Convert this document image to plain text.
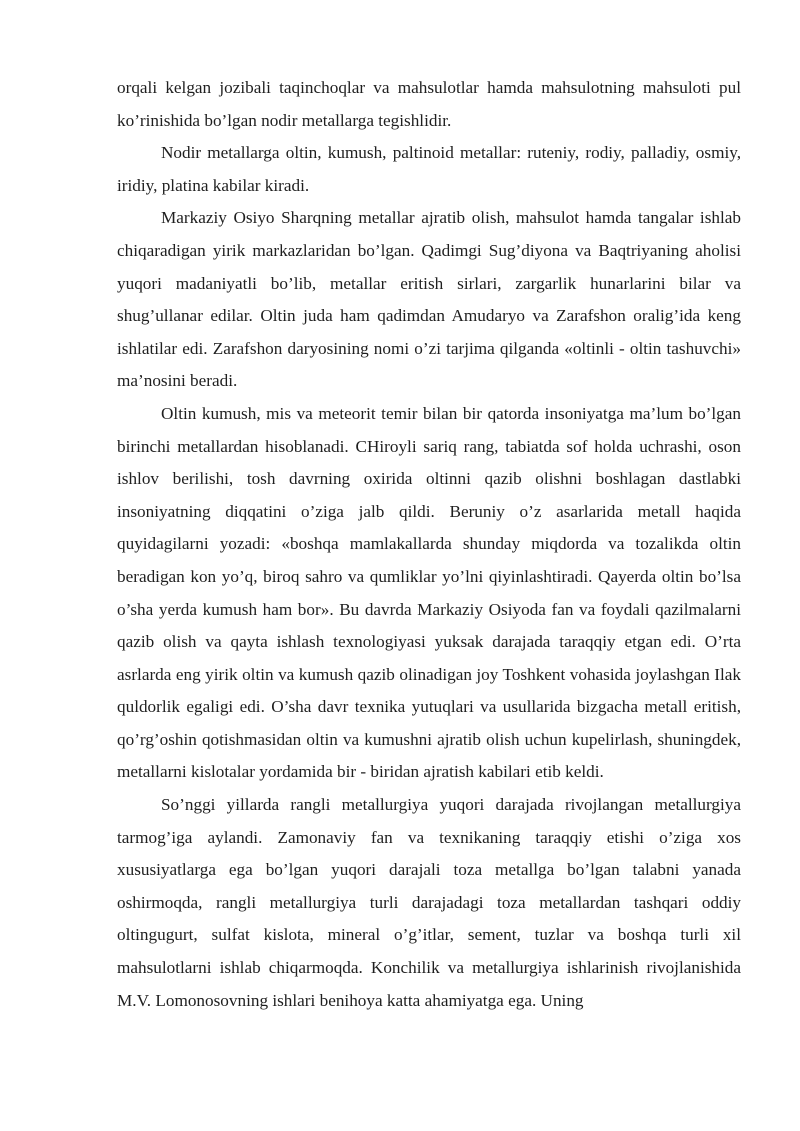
orqali kelgan jozibali taqinchoqlar va mahsulotlar hamda mahsulotning mahsuloti pul ko’rinishida bo’lgan nodir metallarga tegishlidir.

Nodir metallarga oltin, kumush, paltinoid metallar: ruteniy, rodiy, palladiy, osmiy, iridiy, platina kabilar kiradi.

Markaziy Osiyo Sharqning metallar ajratib olish, mahsulot hamda tangalar ishlab chiqaradigan yirik markazlaridan bo’lgan. Qadimgi Sug’diyona va Baqtriyaning aholisi yuqori madaniyatli bo’lib, metallar eritish sirlari, zargarlik hunarlarini bilar va shug’ullanar edilar. Oltin juda ham qadimdan Amudaryo va Zarafshon oralig’ida keng ishlatilar edi. Zarafshon daryosining nomi o’zi tarjima qilganda «oltinli - oltin tashuvchi» ma’nosini beradi.

Oltin kumush, mis va meteorit temir bilan bir qatorda insoniyatga ma’lum bo’lgan birinchi metallardan hisoblanadi. CHiroyli sariq rang, tabiatda sof holda uchrashi, oson ishlov berilishi, tosh davrning oxirida oltinni qazib olishni boshlagan dastlabki insoniyatning diqqatini o’ziga jalb qildi. Beruniy o’z asarlarida metall haqida quyidagilarni yozadi: «boshqa mamlakallarda shunday miqdorda va tozalikda oltin beradigan kon yo’q, biroq sahro va qumliklar yo’lni qiyinlashtiradi. Qayerda oltin bo’lsa o’sha yerda kumush ham bor». Bu davrda Markaziy Osiyoda fan va foydali qazilmalarni qazib olish va qayta ishlash texnologiyasi yuksak darajada taraqqiy etgan edi. O’rta asrlarda eng yirik oltin va kumush qazib olinadigan joy Toshkent vohasida joylashgan Ilak quldorlik egaligi edi. O’sha davr texnika yutuqlari va usullarida bizgacha metall eritish, qo’rg’oshin qotishmasidan oltin va kumushni ajratib olish uchun kupelirlash, shuningdek, metallarni kislotalar yordamida bir - biridan ajratish kabilari etib keldi.

So’nggi yillarda rangli metallurgiya yuqori darajada rivojlangan metallurgiya tarmog’iga aylandi. Zamonaviy fan va texnikaning taraqqiy etishi o’ziga xos xususiyatlarga ega bo’lgan yuqori darajali toza metallga bo’lgan talabni yanada oshirmoqda, rangli metallurgiya turli darajadagi toza metallardan tashqari oddiy oltingugurt, sulfat kislota, mineral o’g’itlar, sement, tuzlar va boshqa turli xil mahsulotlarni ishlab chiqarmoqda. Konchilik va metallurgiya ishlarinish rivojlanishida M.V. Lomonosovning ishlari benihoya katta ahamiyatga ega. Uning
